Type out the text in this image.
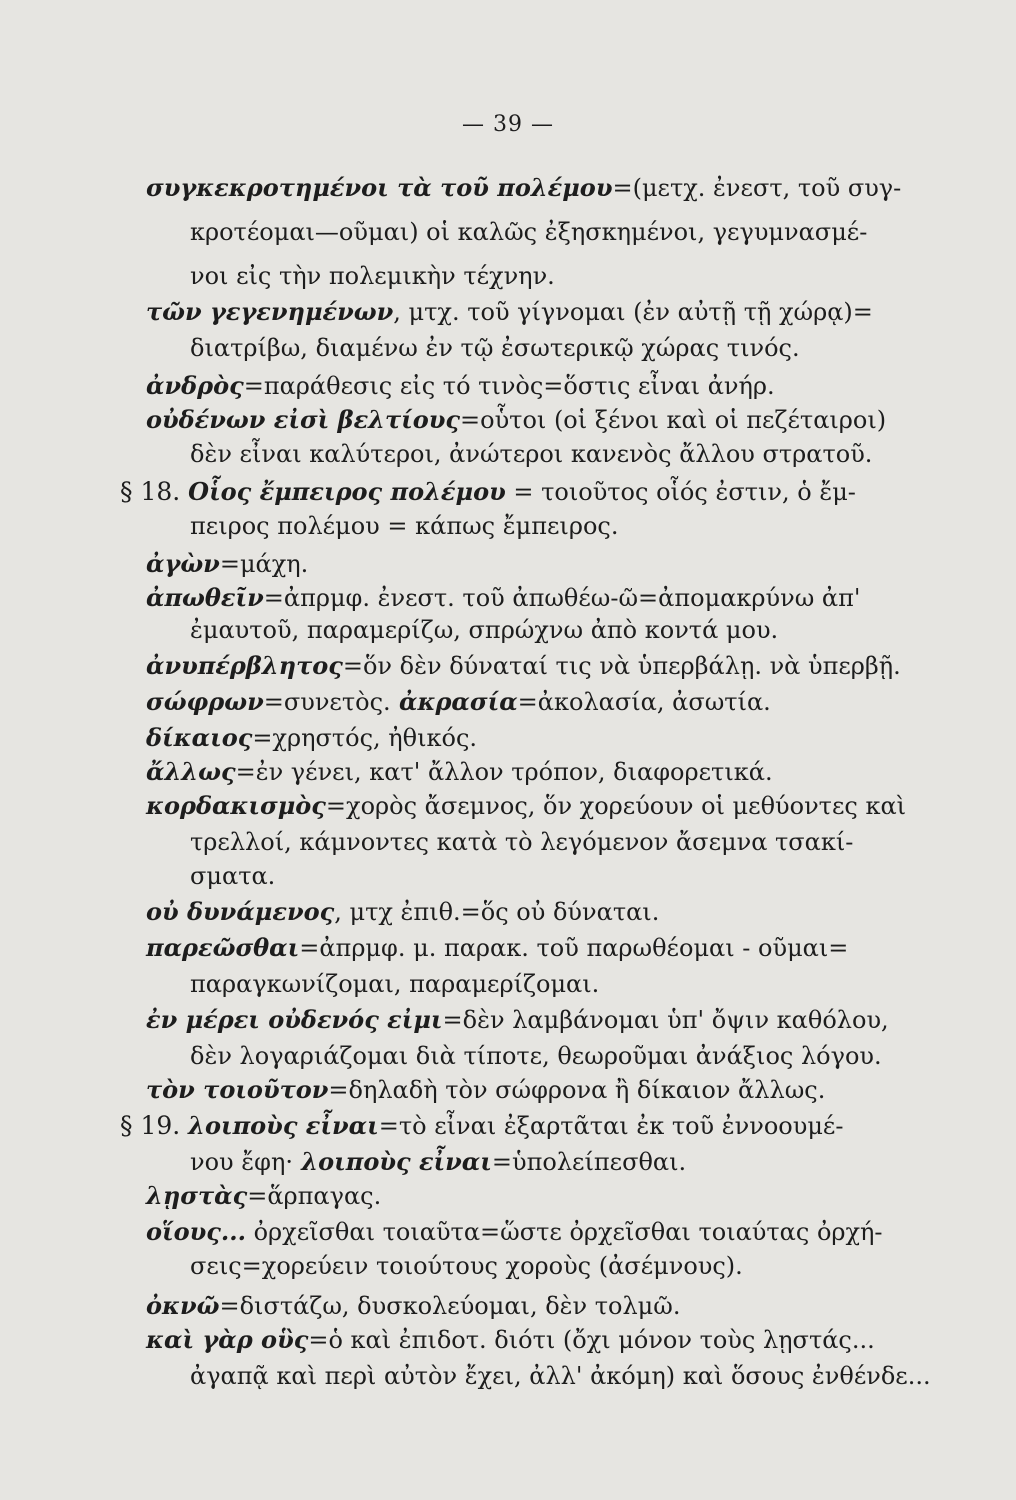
— 39 —
συγκεκροτημένοι τὰ τοῦ πολέμου=(μετχ. ἐνεστ, τοῦ συγ-
κροτέομαι—οῦμαι) οἱ καλῶς ἐξησκημένοι, γεγυμνασμέ-
νοι εἰς τὴν πολεμικὴν τέχνην.
τῶν γεγενημένων, μτχ. τοῦ γίγνομαι (ἐν αὐτῇ τῇ χώρᾳ)=
διατρίβω, διαμένω ἐν τῷ ἐσωτερικῷ χώρας τινός.
ἀνδρὸς=παράθεσις εἰς τό τινὸς=ὅστις εἶναι ἀνήρ.
οὐδένων εἰσὶ βελτίους=οὗτοι (οἱ ξένοι καὶ οἱ πεζέταιροι)
δὲν εἶναι καλύτεροι, ἀνώτεροι κανενὸς ἄλλου στρατοῦ.
§ 18. Οἷος ἔμπειρος πολέμου = τοιοῦτος οἷός ἐστιν, ὁ ἔμ-
πειρος πολέμου = κάπως ἔμπειρος.
ἀγὼν=μάχη.
ἀπωθεῖν=ἀπρμφ. ἐνεστ. τοῦ ἀπωθέω-ῶ=ἀπομακρύνω ἀπ'
ἐμαυτοῦ, παραμερίζω, σπρώχνω ἀπὸ κοντά μου.
ἀνυπέρβλητος=ὅν δὲν δύναταί τις νὰ ὑπερβάλῃ. νὰ ὑπερβῇ.
σώφρων=συνετὸς. ἀκρασία=ἀκολασία, ἀσωτία.
δίκαιος=χρηστός, ἠθικός.
ἄλλως=ἐν γένει, κατ' ἄλλον τρόπον, διαφορετικά.
κορδακισμὸς=χορὸς ἄσεμνος, ὅν χορεύουν οἱ μεθύοντες καὶ
τρελλοί, κάμνοντες κατὰ τὸ λεγόμενον ἄσεμνα τσακί-
σματα.
οὐ δυνάμενος, μτχ ἐπιθ.=ὅς οὐ δύναται.
παρεῶσθαι=ἀπρμφ. μ. παρακ. τοῦ παρωθέομαι - οῦμαι=
παραγκωνίζομαι, παραμερίζομαι.
ἐν μέρει οὐδενός εἰμι=δὲν λαμβάνομαι ὑπ' ὄψιν καθόλου,
δὲν λογαριάζομαι διὰ τίποτε, θεωροῦμαι ἀνάξιος λόγου.
τὸν τοιοῦτον=δηλαδὴ τὸν σώφρονα ἢ δίκαιον ἄλλως.
§ 19. λοιποὺς εἶναι=τὸ εἶναι ἐξαρτᾶται ἐκ τοῦ ἐννοουμέ-
νου ἔφη· λοιποὺς εἶναι=ὑπολείπεσθαι.
λῃστὰς=ἅρπαγας.
οἵους... ὀρχεῖσθαι τοιαῦτα=ὥστε ὀρχεῖσθαι τοιαύτας ὀρχή-
σεις=χορεύειν τοιούτους χοροὺς (ἀσέμνους).
ὀκνῶ=διστάζω, δυσκολεύομαι, δὲν τολμῶ.
καὶ γὰρ οὓς=ὁ καὶ ἐπιδοτ. διότι (ὄχι μόνον τοὺς λῃστάς...
ἀγαπᾷ καὶ περὶ αὐτὸν ἔχει, ἀλλ' ἀκόμη) καὶ ὅσους ἐνθένδε...
